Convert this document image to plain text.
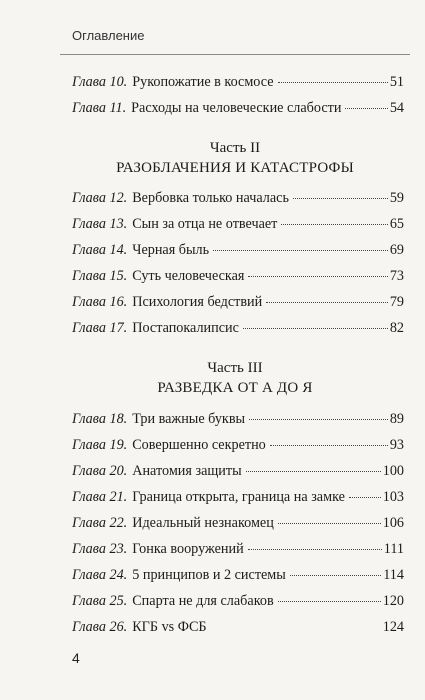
Оглавление
Глава 10. Рукопожатие в космосе	51
Глава 11. Расходы на человеческие слабости	54
Часть II
РАЗОБЛАЧЕНИЯ И КАТАСТРОФЫ
Глава 12. Вербовка только началась	59
Глава 13. Сын за отца не отвечает	65
Глава 14. Черная быль	69
Глава 15. Суть человеческая	73
Глава 16. Психология бедствий	79
Глава 17. Постапокалипсис	82
Часть III
РАЗВЕДКА ОТ А ДО Я
Глава 18. Три важные буквы	89
Глава 19. Совершенно секретно	93
Глава 20. Анатомия защиты	100
Глава 21. Граница открыта, граница на замке	103
Глава 22. Идеальный незнакомец	106
Глава 23. Гонка вооружений	111
Глава 24. 5 принципов и 2 системы	114
Глава 25. Спарта не для слабаков	120
Глава 26. КГБ vs ФСБ	124
4
